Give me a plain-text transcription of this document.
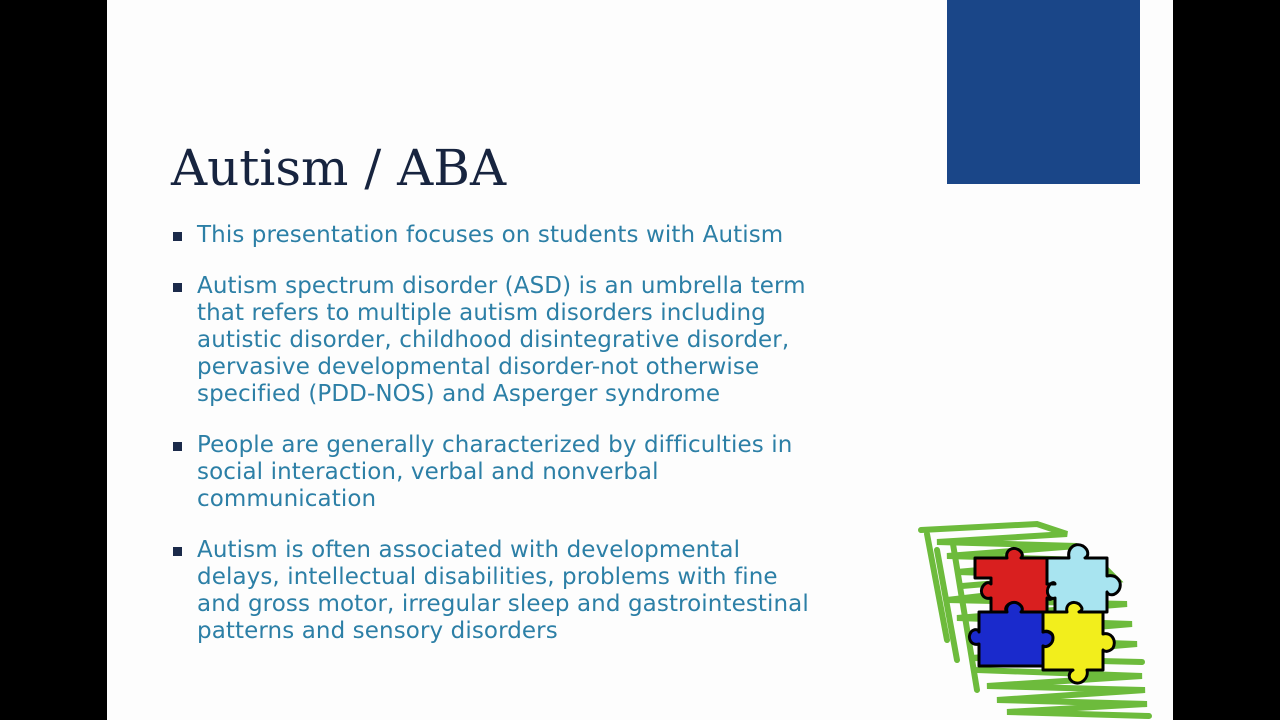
Autism / ABA
This presentation focuses on students with Autism
Autism spectrum disorder (ASD) is an umbrella term
that refers to multiple autism disorders including
autistic disorder, childhood disintegrative disorder,
pervasive developmental disorder-not otherwise
specified (PDD-NOS) and Asperger syndrome
People are generally characterized by difficulties in
social interaction, verbal and nonverbal
communication
Autism is often associated with developmental
delays, intellectual disabilities, problems with fine
and gross motor, irregular sleep and gastrointestinal
patterns and sensory disorders
